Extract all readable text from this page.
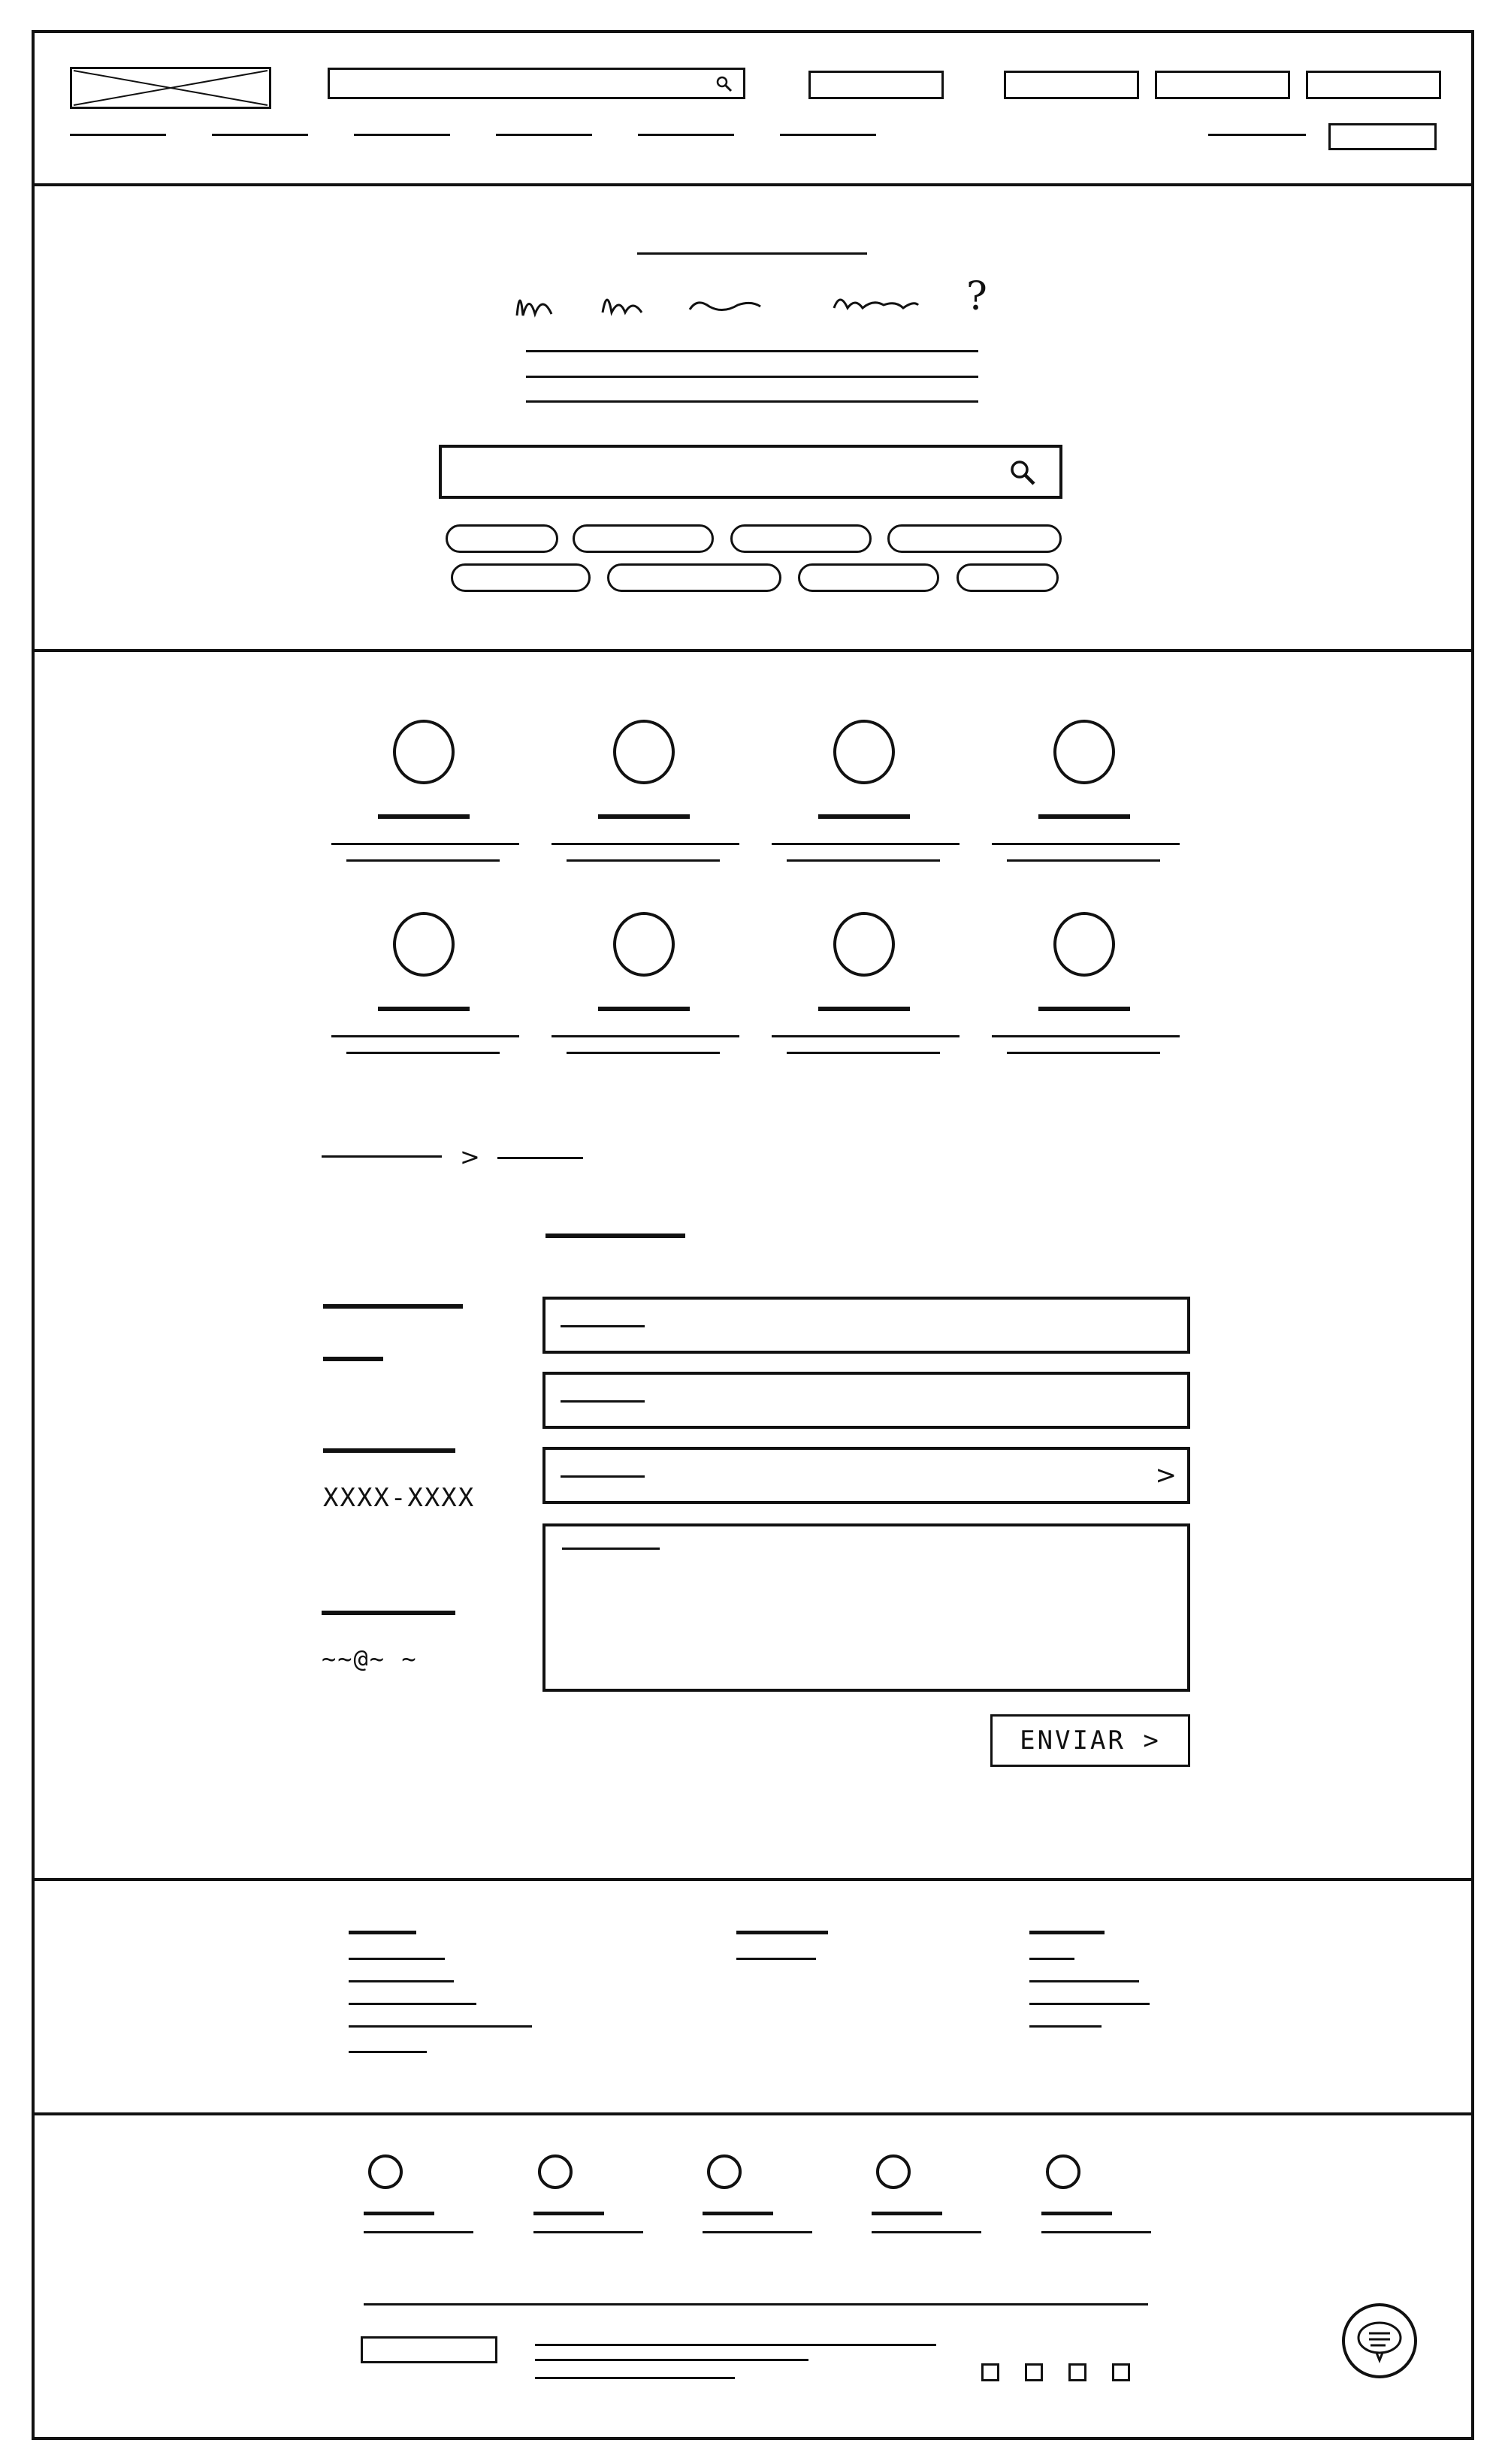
?
>
XXXX-XXXX
~~@~ ~
>
ENVIAR >
